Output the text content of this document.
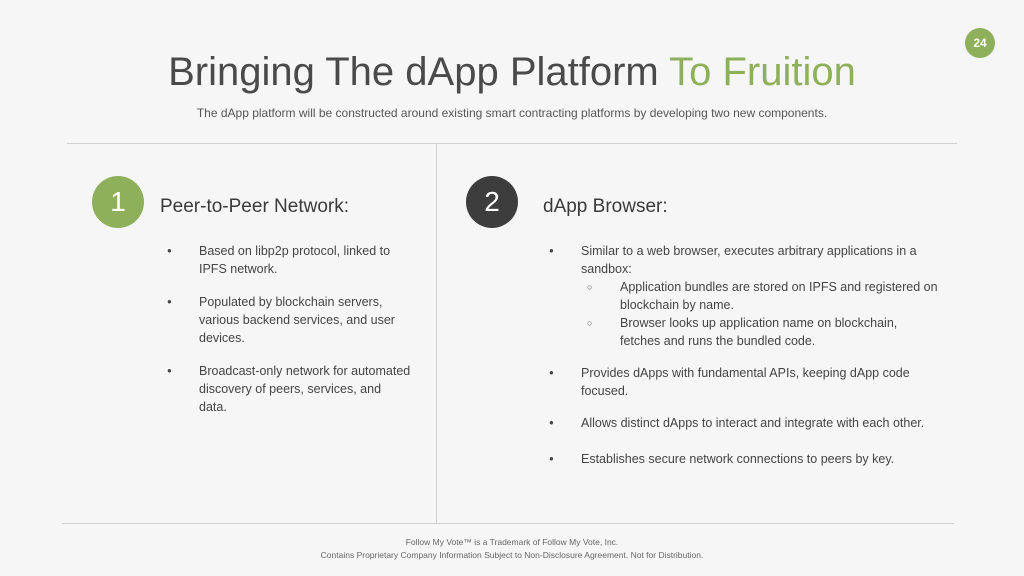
24
Bringing The dApp Platform To Fruition
The dApp platform will be constructed around existing smart contracting platforms by developing two new components.
1	Peer-to-Peer Network:
● Based on libp2p protocol, linked to IPFS network.
● Populated by blockchain servers, various backend services, and user devices.
● Broadcast-only network for automated discovery of peers, services, and data.
2	dApp Browser:
● Similar to a web browser, executes arbitrary applications in a sandbox:
○ Application bundles are stored on IPFS and registered on blockchain by name.
○ Browser looks up application name on blockchain, fetches and runs the bundled code.
● Provides dApps with fundamental APIs, keeping dApp code focused.
● Allows distinct dApps to interact and integrate with each other.
● Establishes secure network connections to peers by key.
Follow My Vote™ is a Trademark of Follow My Vote, Inc.
Contains Proprietary Company Information Subject to Non-Disclosure Agreement. Not for Distribution.
